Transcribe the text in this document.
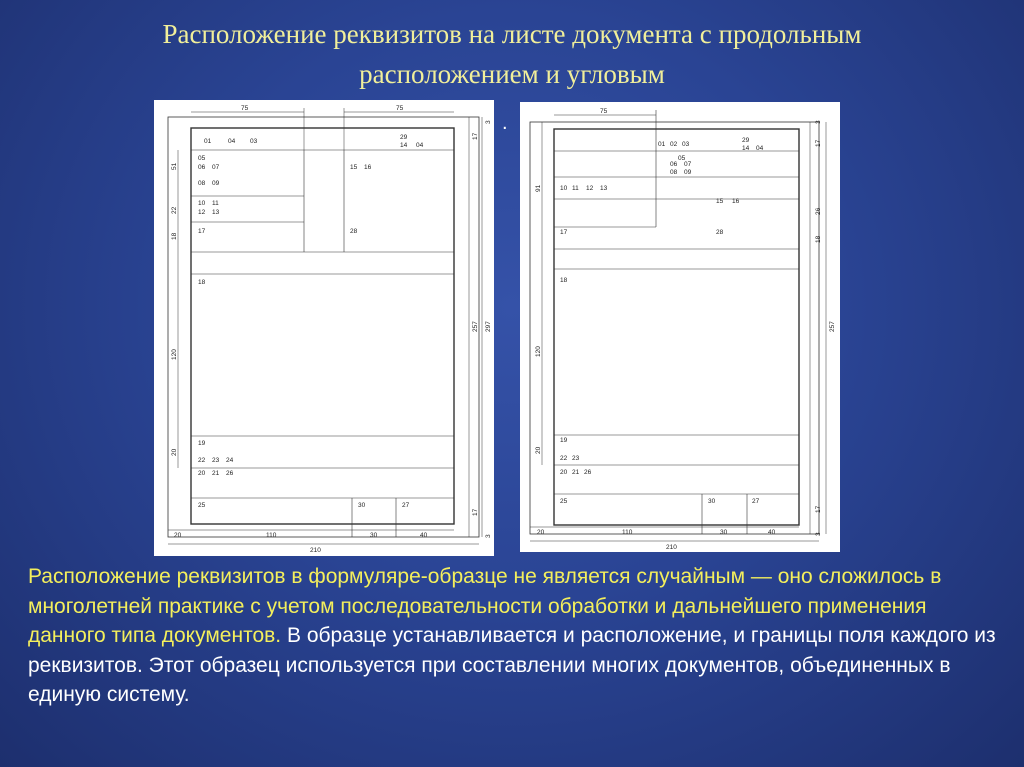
Расположение реквизитов на листе документа с продольным
расположением и угловым
75	75
51
22
18
120
20
17
3
257 297
17
3
20	110	30	40
210
01	04 03
29
14 04
05
06 07
08 09
15 16
10 11
12 13
17	28
18
19
22 23 24
20 21 26
25	30	27
.
75
91
120
20
3
17
26
18
257
17
3
20	110	30	40
210
01 02 03
29
14 04
05
06 07
08 09
10 11 12 13
15 16
17	28
18
19
22 23
20 21 26
25	30	27
Расположение реквизитов в формуляре-образце не является случайным — оно сложилось в многолетней практике с учетом последовательности обработки и дальнейшего применения данного типа документов. В образце устанавливается и расположение, и границы поля каждого из реквизитов. Этот образец используется при составлении многих документов, объединенных в единую систему.
